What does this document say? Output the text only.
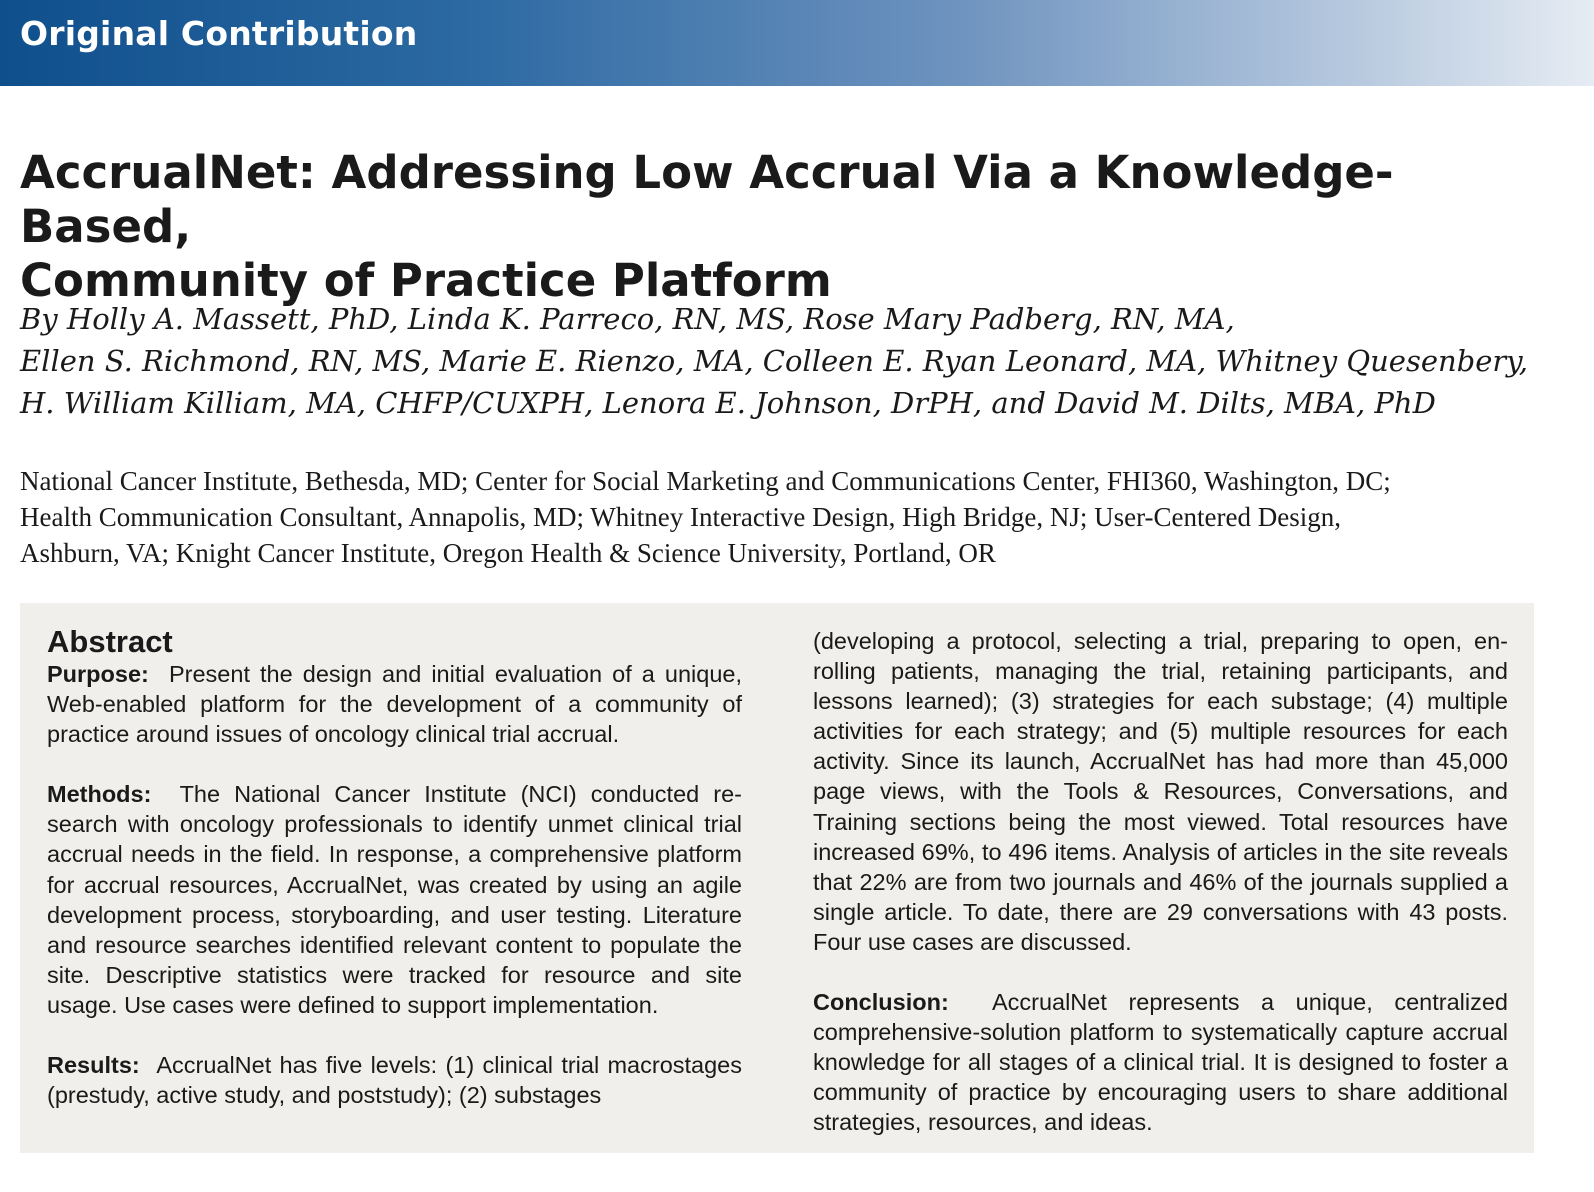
Original Contribution
AccrualNet: Addressing Low Accrual Via a Knowledge-Based,
Community of Practice Platform
By Holly A. Massett, PhD, Linda K. Parreco, RN, MS, Rose Mary Padberg, RN, MA,
Ellen S. Richmond, RN, MS, Marie E. Rienzo, MA, Colleen E. Ryan Leonard, MA, Whitney Quesenbery,
H. William Killiam, MA, CHFP/CUXPH, Lenora E. Johnson, DrPH, and David M. Dilts, MBA, PhD
National Cancer Institute, Bethesda, MD; Center for Social Marketing and Communications Center, FHI360, Washington, DC;
Health Communication Consultant, Annapolis, MD; Whitney Interactive Design, High Bridge, NJ; User-Centered Design,
Ashburn, VA; Knight Cancer Institute, Oregon Health & Science University, Portland, OR
Abstract

Purpose: Present the design and initial evaluation of a unique, Web-enabled platform for the development of a community of practice around issues of oncology clinical trial accrual.

Methods: The National Cancer Institute (NCI) conducted research with oncology professionals to identify unmet clinical trial accrual needs in the field. In response, a comprehensive platform for accrual resources, AccrualNet, was created by using an agile development process, storyboarding, and user testing. Literature and resource searches identified relevant content to populate the site. Descriptive statistics were tracked for resource and site usage. Use cases were defined to support implementation.

Results: AccrualNet has five levels: (1) clinical trial macrostages (prestudy, active study, and poststudy); (2) substages

(developing a protocol, selecting a trial, preparing to open, enrolling patients, managing the trial, retaining participants, and lessons learned); (3) strategies for each substage; (4) multiple activities for each strategy; and (5) multiple resources for each activity. Since its launch, AccrualNet has had more than 45,000 page views, with the Tools & Resources, Conversations, and Training sections being the most viewed. Total resources have increased 69%, to 496 items. Analysis of articles in the site reveals that 22% are from two journals and 46% of the journals supplied a single article. To date, there are 29 conversations with 43 posts. Four use cases are discussed.

Conclusion: AccrualNet represents a unique, centralized comprehensive-solution platform to systematically capture accrual knowledge for all stages of a clinical trial. It is designed to foster a community of practice by encouraging users to share additional strategies, resources, and ideas.
